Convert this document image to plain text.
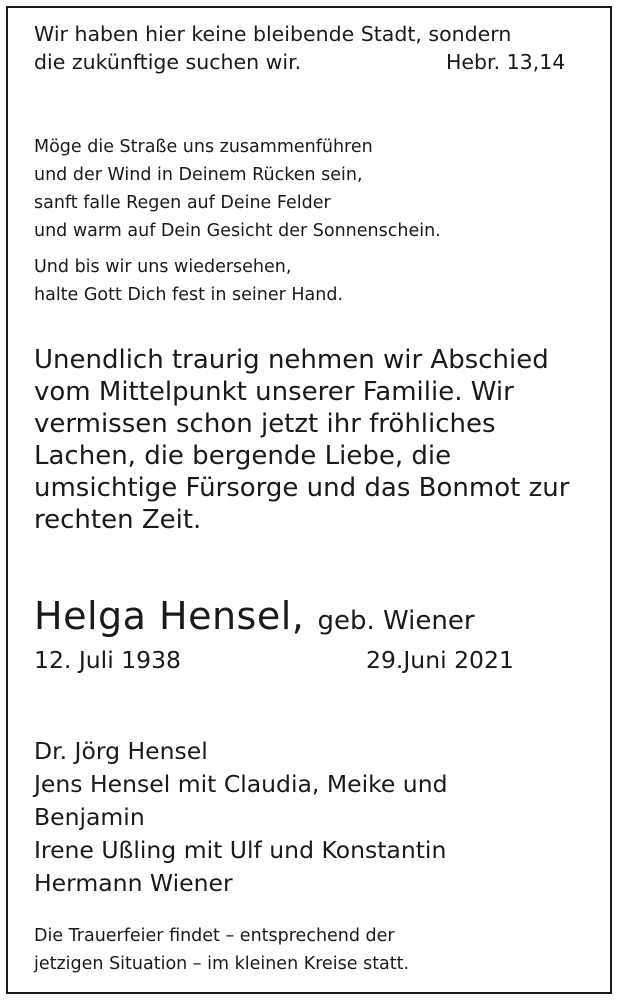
Wir haben hier keine bleibende Stadt, sondern
die zukünftige suchen wir.	Hebr. 13,14
Möge die Straße uns zusammenführen
und der Wind in Deinem Rücken sein,
sanft falle Regen auf Deine Felder
und warm auf Dein Gesicht der Sonnenschein.
Und bis wir uns wiedersehen,
halte Gott Dich fest in seiner Hand.
Unendlich traurig nehmen wir Abschied
vom Mittelpunkt unserer Familie. Wir
vermissen schon jetzt ihr fröhliches
Lachen, die bergende Liebe, die
umsichtige Fürsorge und das Bonmot zur
rechten Zeit.
Helga Hensel, geb. Wiener
12. Juli 1938	29.Juni 2021
Dr. Jörg Hensel
Jens Hensel mit Claudia, Meike und
Benjamin
Irene Ußling mit Ulf und Konstantin
Hermann Wiener
Die Trauerfeier findet – entsprechend der
jetzigen Situation – im kleinen Kreise statt.
